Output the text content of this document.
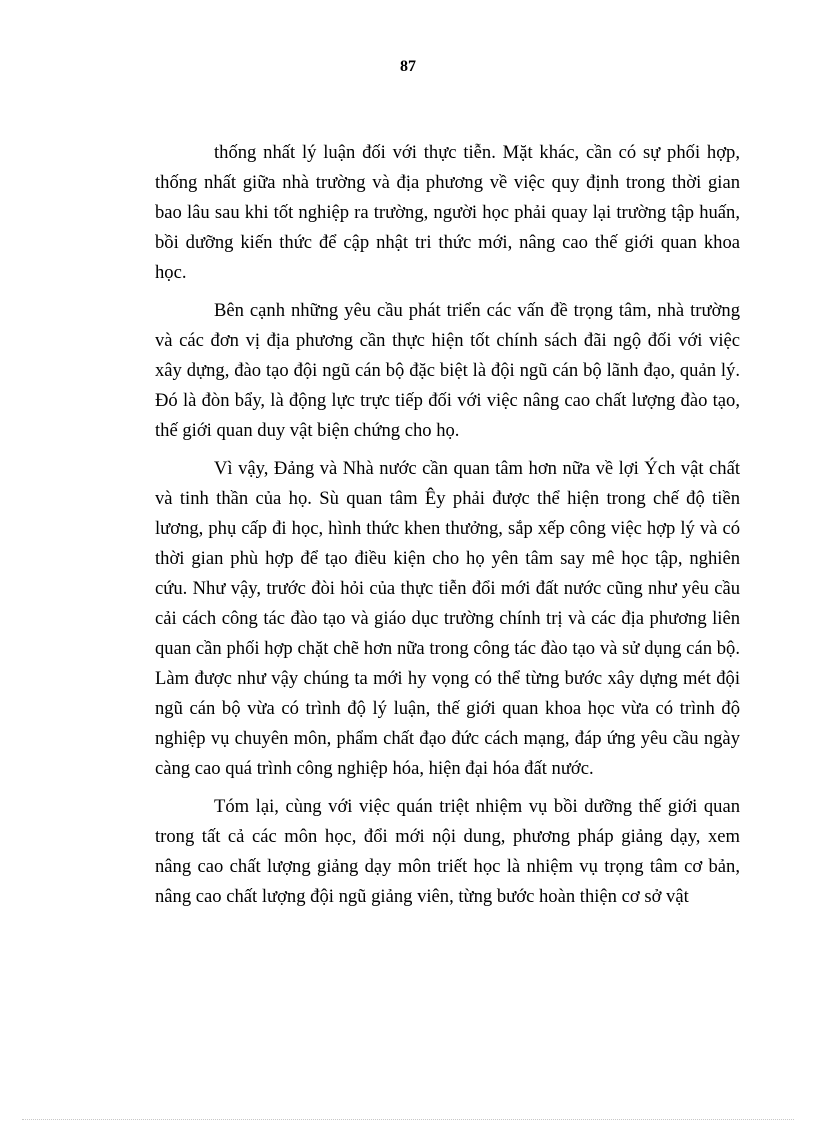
87

thống nhất lý luận đối với thực tiễn. Mặt khác, cần có sự phối hợp, thống nhất giữa nhà trường và địa phương về việc quy định trong thời gian bao lâu sau khi tốt nghiệp ra trường, người học phải quay lại trường tập huấn, bồi dưỡng kiến thức để cập nhật tri thức mới, nâng cao thế giới quan khoa học.

Bên cạnh những yêu cầu phát triển các vấn đề trọng tâm, nhà trường và các đơn vị địa phương cần thực hiện tốt chính sách đãi ngộ đối với việc xây dựng, đào tạo đội ngũ cán bộ đặc biệt là đội ngũ cán bộ lãnh đạo, quản lý. Đó là đòn bẩy, là động lực trực tiếp đối với việc nâng cao chất lượng đào tạo, thế giới quan duy vật biện chứng cho họ.

Vì vậy, Đảng và Nhà nước cần quan tâm hơn nữa về lợi Ých vật chất và tinh thần của họ. Sù quan tâm Êy phải được thể hiện trong chế độ tiền lương, phụ cấp đi học, hình thức khen thưởng, sắp xếp công việc hợp lý và có thời gian phù hợp để tạo điều kiện cho họ yên tâm say mê học tập, nghiên cứu. Như vậy, trước đòi hỏi của thực tiễn đổi mới đất nước cũng như yêu cầu cải cách công tác đào tạo và giáo dục trường chính trị và các địa phương liên quan cần phối hợp chặt chẽ hơn nữa trong công tác đào tạo và sử dụng cán bộ. Làm được như vậy chúng ta mới hy vọng có thể từng bước xây dựng mét đội ngũ cán bộ vừa có trình độ lý luận, thế giới quan khoa học vừa có trình độ nghiệp vụ chuyên môn, phẩm chất đạo đức cách mạng, đáp ứng yêu cầu ngày càng cao quá trình công nghiệp hóa, hiện đại hóa đất nước.

Tóm lại, cùng với việc quán triệt nhiệm vụ bồi dưỡng thế giới quan trong tất cả các môn học, đổi mới nội dung, phương pháp giảng dạy, xem nâng cao chất lượng giảng dạy môn triết học là nhiệm vụ trọng tâm cơ bản, nâng cao chất lượng đội ngũ giảng viên, từng bước hoàn thiện cơ sở vật
